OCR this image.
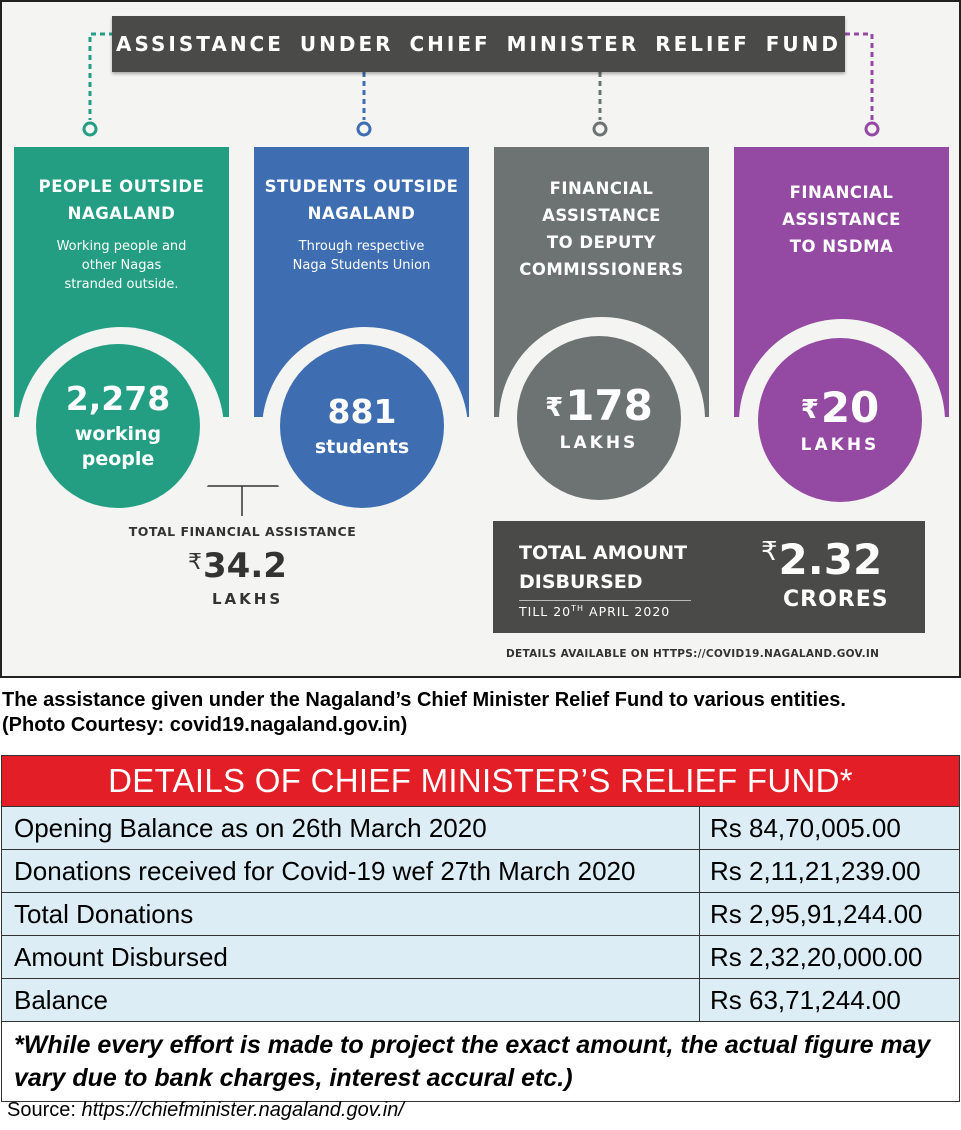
ASSISTANCE UNDER CHIEF MINISTER RELIEF FUND
PEOPLE OUTSIDE
NAGALAND
Working people and
other Nagas
stranded outside.
STUDENTS OUTSIDE
NAGALAND
Through respective
Naga Students Union
FINANCIAL
ASSISTANCE
TO DEPUTY
COMMISSIONERS
FINANCIAL
ASSISTANCE
TO NSDMA
2,278
working
people
881
students
₹178
LAKHS
₹20
LAKHS
TOTAL FINANCIAL ASSISTANCE
₹34.2
LAKHS
TOTAL AMOUNT
DISBURSED
TILL 20TH APRIL 2020
₹2.32
CRORES
DETAILS AVAILABLE ON HTTPS://COVID19.NAGALAND.GOV.IN
The assistance given under the Nagaland’s Chief Minister Relief Fund to various entities.
(Photo Courtesy: covid19.nagaland.gov.in)
DETAILS OF CHIEF MINISTER’S RELIEF FUND*
Opening Balance as on 26th March 2020	Rs 84,70,005.00
Donations received for Covid-19 wef 27th March 2020	Rs 2,11,21,239.00
Total Donations	Rs 2,95,91,244.00
Amount Disbursed	Rs 2,32,20,000.00
Balance	Rs 63,71,244.00
*While every effort is made to project the exact amount, the actual figure may vary due to bank charges, interest accural etc.)
Source: https://chiefminister.nagaland.gov.in/
